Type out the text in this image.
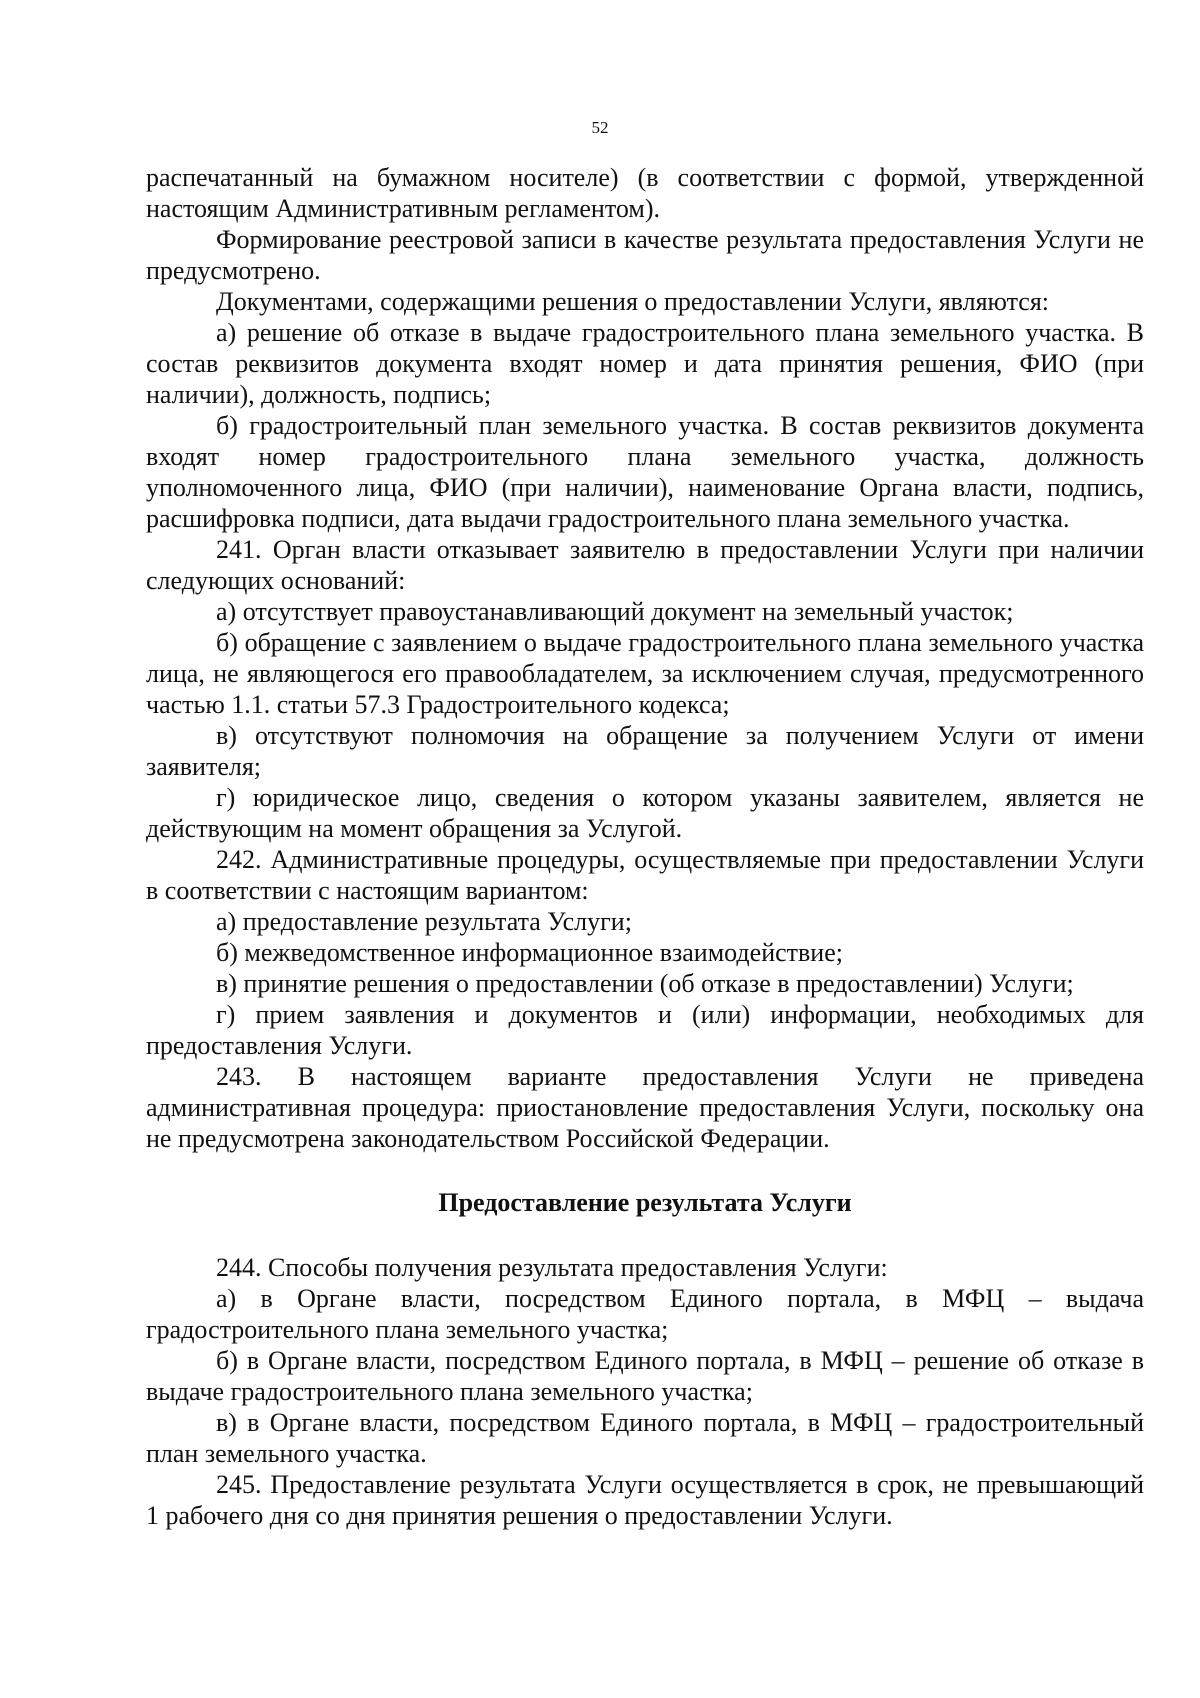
52

распечатанный на бумажном носителе) (в соответствии с формой, утвержденной настоящим Административным регламентом).

Формирование реестровой записи в качестве результата предоставления Услуги не предусмотрено.

Документами, содержащими решения о предоставлении Услуги, являются:

а) решение об отказе в выдаче градостроительного плана земельного участка. В состав реквизитов документа входят номер и дата принятия решения, ФИО (при наличии), должность, подпись;

б) градостроительный план земельного участка. В состав реквизитов документа входят номер градостроительного плана земельного участка, должность уполномоченного лица, ФИО (при наличии), наименование Органа власти, подпись, расшифровка подписи, дата выдачи градостроительного плана земельного участка.

241. Орган власти отказывает заявителю в предоставлении Услуги при наличии следующих оснований:

а) отсутствует правоустанавливающий документ на земельный участок;

б) обращение с заявлением о выдаче градостроительного плана земельного участка лица, не являющегося его правообладателем, за исключением случая, предусмотренного частью 1.1. статьи 57.3 Градостроительного кодекса;

в) отсутствуют полномочия на обращение за получением Услуги от имени заявителя;

г) юридическое лицо, сведения о котором указаны заявителем, является не действующим на момент обращения за Услугой.

242. Административные процедуры, осуществляемые при предоставлении Услуги в соответствии с настоящим вариантом:

а) предоставление результата Услуги;

б) межведомственное информационное взаимодействие;

в) принятие решения о предоставлении (об отказе в предоставлении) Услуги;

г) прием заявления и документов и (или) информации, необходимых для предоставления Услуги.

243. В настоящем варианте предоставления Услуги не приведена административная процедура: приостановление предоставления Услуги, поскольку она не предусмотрена законодательством Российской Федерации.

Предоставление результата Услуги

244. Способы получения результата предоставления Услуги:

а) в Органе власти, посредством Единого портала, в МФЦ – выдача градостроительного плана земельного участка;

б) в Органе власти, посредством Единого портала, в МФЦ – решение об отказе в выдаче градостроительного плана земельного участка;

в) в Органе власти, посредством Единого портала, в МФЦ – градостроительный план земельного участка.

245. Предоставление результата Услуги осуществляется в срок, не превышающий 1 рабочего дня со дня принятия решения о предоставлении Услуги.
